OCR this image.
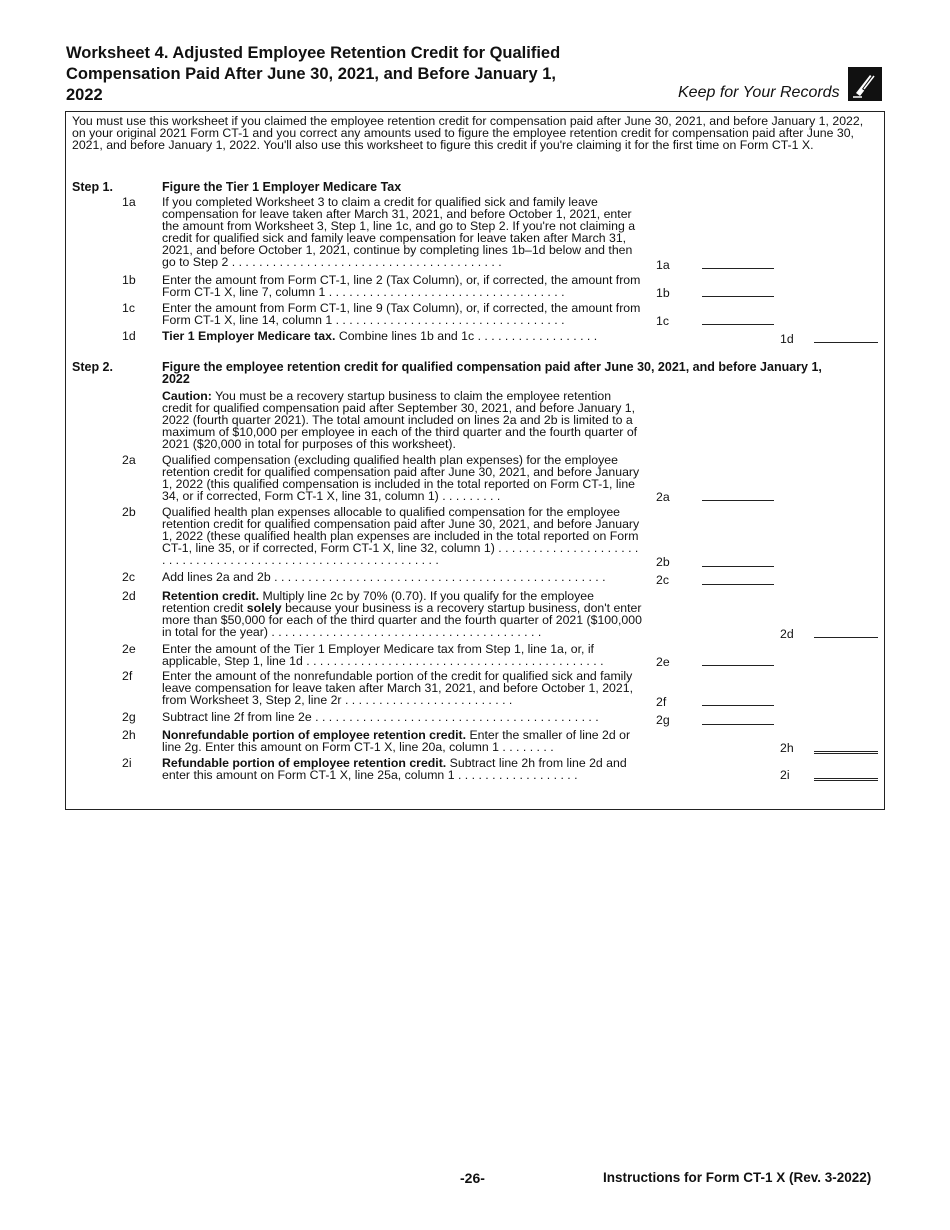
Worksheet 4. Adjusted Employee Retention Credit for Qualified
Compensation Paid After June 30, 2021, and Before January 1,
2022	Keep for Your Records
You must use this worksheet if you claimed the employee retention credit for compensation paid after June 30, 2021, and before January 1, 2022, on your original 2021 Form CT-1 and you correct any amounts used to figure the employee retention credit for compensation paid after June 30, 2021, and before January 1, 2022. You'll also use this worksheet to figure this credit if you're claiming it for the first time on Form CT-1 X.
Step 1.	Figure the Tier 1 Employer Medicare Tax
1a If you completed Worksheet 3 to claim a credit for qualified sick and family leave compensation for leave taken after March 31, 2021, and before October 1, 2021, enter the amount from Worksheet 3, Step 1, line 1c, and go to Step 2. If you're not claiming a credit for qualified sick and family leave compensation for leave taken after March 31, 2021, and before October 1, 2021, continue by completing lines 1b–1d below and then go to Step 2 . . . . . . . . . . . . . . . . . . . . . . . . . . . . . . . . . . . . . . . .	1a
1b Enter the amount from Form CT-1, line 2 (Tax Column), or, if corrected, the amount from Form CT-1 X, line 7, column 1 . . . . . . . . . . . . . . . . . . . . . . . . . . . . . . . . . . .	1b
1c Enter the amount from Form CT-1, line 9 (Tax Column), or, if corrected, the amount from Form CT-1 X, line 14, column 1 . . . . . . . . . . . . . . . . . . . . . . . . . . . . . . . . . .	1c
1d Tier 1 Employer Medicare tax. Combine lines 1b and 1c . . . . . . . . . . . . . . . . . .	1d
Step 2.	Figure the employee retention credit for qualified compensation paid after June 30, 2021, and before January 1,
2022
Caution: You must be a recovery startup business to claim the employee retention credit for qualified compensation paid after September 30, 2021, and before January 1, 2022 (fourth quarter 2021). The total amount included on lines 2a and 2b is limited to a maximum of $10,000 per employee in each of the third quarter and the fourth quarter of 2021 ($20,000 in total for purposes of this worksheet).
2a Qualified compensation (excluding qualified health plan expenses) for the employee retention credit for qualified compensation paid after June 30, 2021, and before January 1, 2022 (this qualified compensation is included in the total reported on Form CT-1, line 34, or if corrected, Form CT-1 X, line 31, column 1) . . . . . . . . .	2a
2b Qualified health plan expenses allocable to qualified compensation for the employee retention credit for qualified compensation paid after June 30, 2021, and before January 1, 2022 (these qualified health plan expenses are included in the total reported on Form CT-1, line 35, or if corrected, Form CT-1 X, line 32, column 1) . . . . . . . . . . . . . . . . . . . . . . . . . . . . . . . . . . . . . . . . . . . . . . . . . . . . . . . . . . . . . .	2b
2c Add lines 2a and 2b . . . . . . . . . . . . . . . . . . . . . . . . . . . . . . . . . . . . . . . . . . . . . . . . .	2c
2d Retention credit. Multiply line 2c by 70% (0.70). If you qualify for the employee retention credit solely because your business is a recovery startup business, don't enter more than $50,000 for each of the third quarter and the fourth quarter of 2021 ($100,000 in total for the year) . . . . . . . . . . . . . . . . . . . . . . . . . . . . . . . . . . . . . . . .	2d
2e Enter the amount of the Tier 1 Employer Medicare tax from Step 1, line 1a, or, if applicable, Step 1, line 1d . . . . . . . . . . . . . . . . . . . . . . . . . . . . . . . . . . . . . . . . . . . .	2e
2f Enter the amount of the nonrefundable portion of the credit for qualified sick and family leave compensation for leave taken after March 31, 2021, and before October 1, 2021, from Worksheet 3, Step 2, line 2r . . . . . . . . . . . . . . . . . . . . . . . . .	2f
2g Subtract line 2f from line 2e . . . . . . . . . . . . . . . . . . . . . . . . . . . . . . . . . . . . . . . . . .	2g
2h Nonrefundable portion of employee retention credit. Enter the smaller of line 2d or line 2g. Enter this amount on Form CT-1 X, line 20a, column 1 . . . . . . . .	2h
2i Refundable portion of employee retention credit. Subtract line 2h from line 2d and enter this amount on Form CT-1 X, line 25a, column 1 . . . . . . . . . . . . . . . . . .	2i
-26-	Instructions for Form CT-1 X (Rev. 3-2022)
